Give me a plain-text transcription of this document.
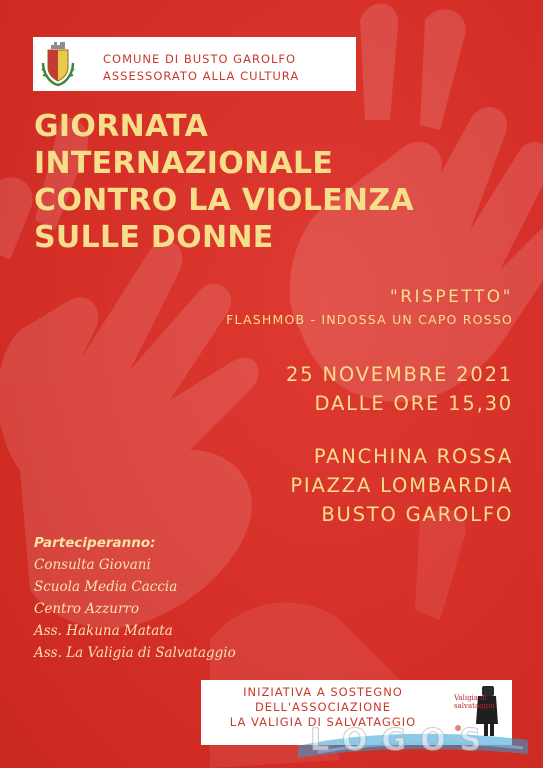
COMUNE DI BUSTO GAROLFO
ASSESSORATO ALLA CULTURA
GIORNATA
INTERNAZIONALE
CONTRO LA VIOLENZA
SULLE DONNE
"RISPETTO"
FLASHMOB - INDOSSA UN CAPO ROSSO
25 NOVEMBRE 2021
DALLE ORE 15,30
PANCHINA ROSSA
PIAZZA LOMBARDIA
BUSTO GAROLFO
Parteciperanno:
Consulta Giovani
Scuola Media Caccia
Centro Azzurro
Ass. Hakuna Matata
Ass. La Valigia di Salvataggio
INIZIATIVA A SOSTEGNO
DELL'ASSOCIAZIONE
LA VALIGIA DI SALVATAGGIO
Valigia di
salvataggio
LOGOS
